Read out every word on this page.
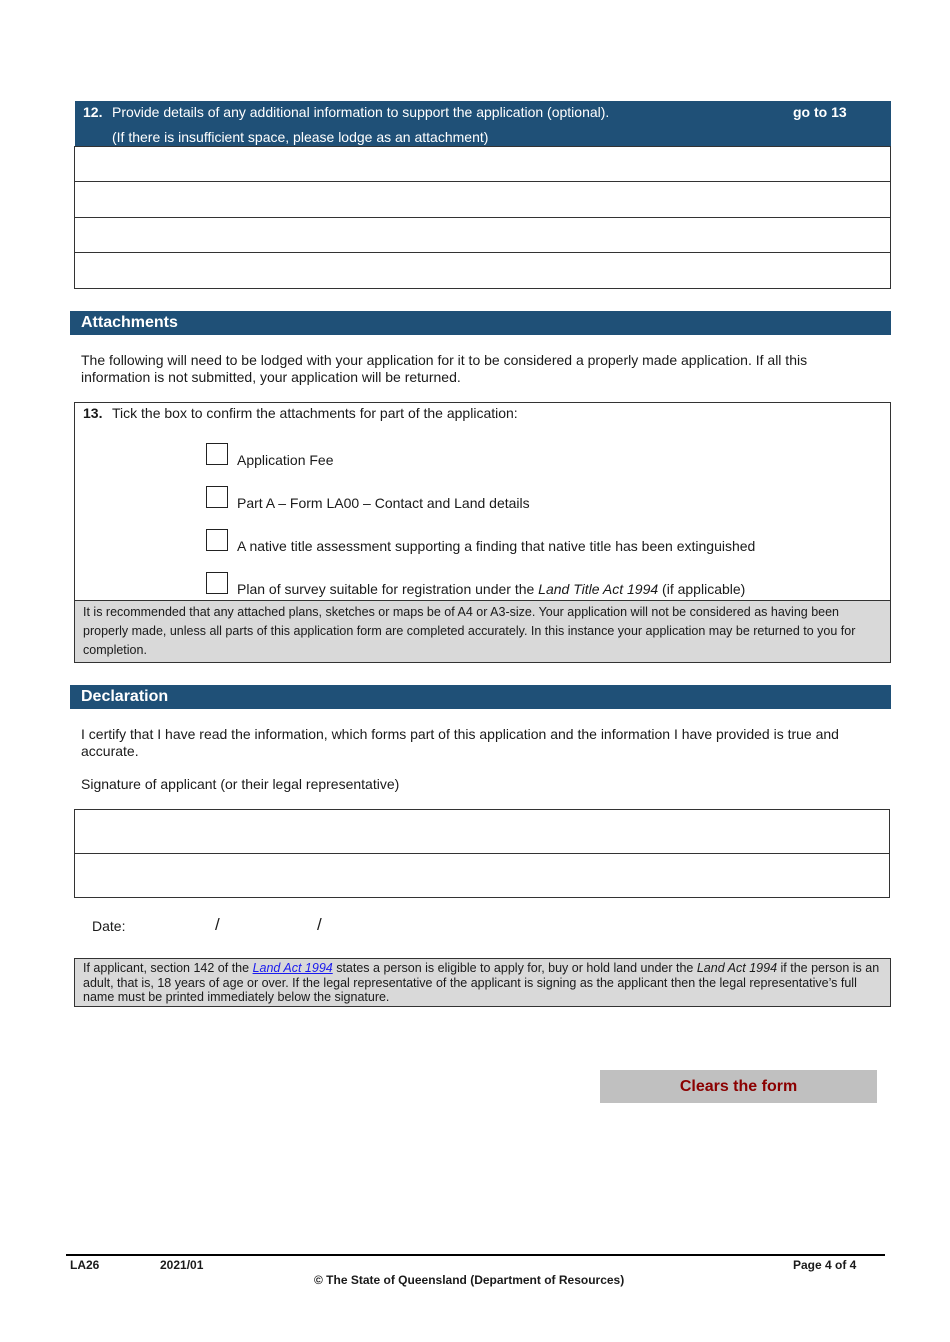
12. Provide details of any additional information to support the application (optional).
(If there is insufficient space, please lodge as an attachment)
go to 13
Attachments
The following will need to be lodged with your application for it to be considered a properly made application. If all this information is not submitted, your application will be returned.
13. Tick the box to confirm the attachments for part of the application:
Application Fee
Part A – Form LA00 – Contact and Land details
A native title assessment supporting a finding that native title has been extinguished
Plan of survey suitable for registration under the Land Title Act 1994 (if applicable)
It is recommended that any attached plans, sketches or maps be of A4 or A3-size. Your application will not be considered as having been properly made, unless all parts of this application form are completed accurately. In this instance your application may be returned to you for completion.
Declaration
I certify that I have read the information, which forms part of this application and the information I have provided is true and accurate.
Signature of applicant (or their legal representative)
Date:	/	/
If applicant, section 142 of the Land Act 1994 states a person is eligible to apply for, buy or hold land under the Land Act 1994 if the person is an adult, that is, 18 years of age or over. If the legal representative of the applicant is signing as the applicant then the legal representative’s full name must be printed immediately below the signature.
Clears the form
LA26	2021/01	Page 4 of 4
© The State of Queensland (Department of Resources)
